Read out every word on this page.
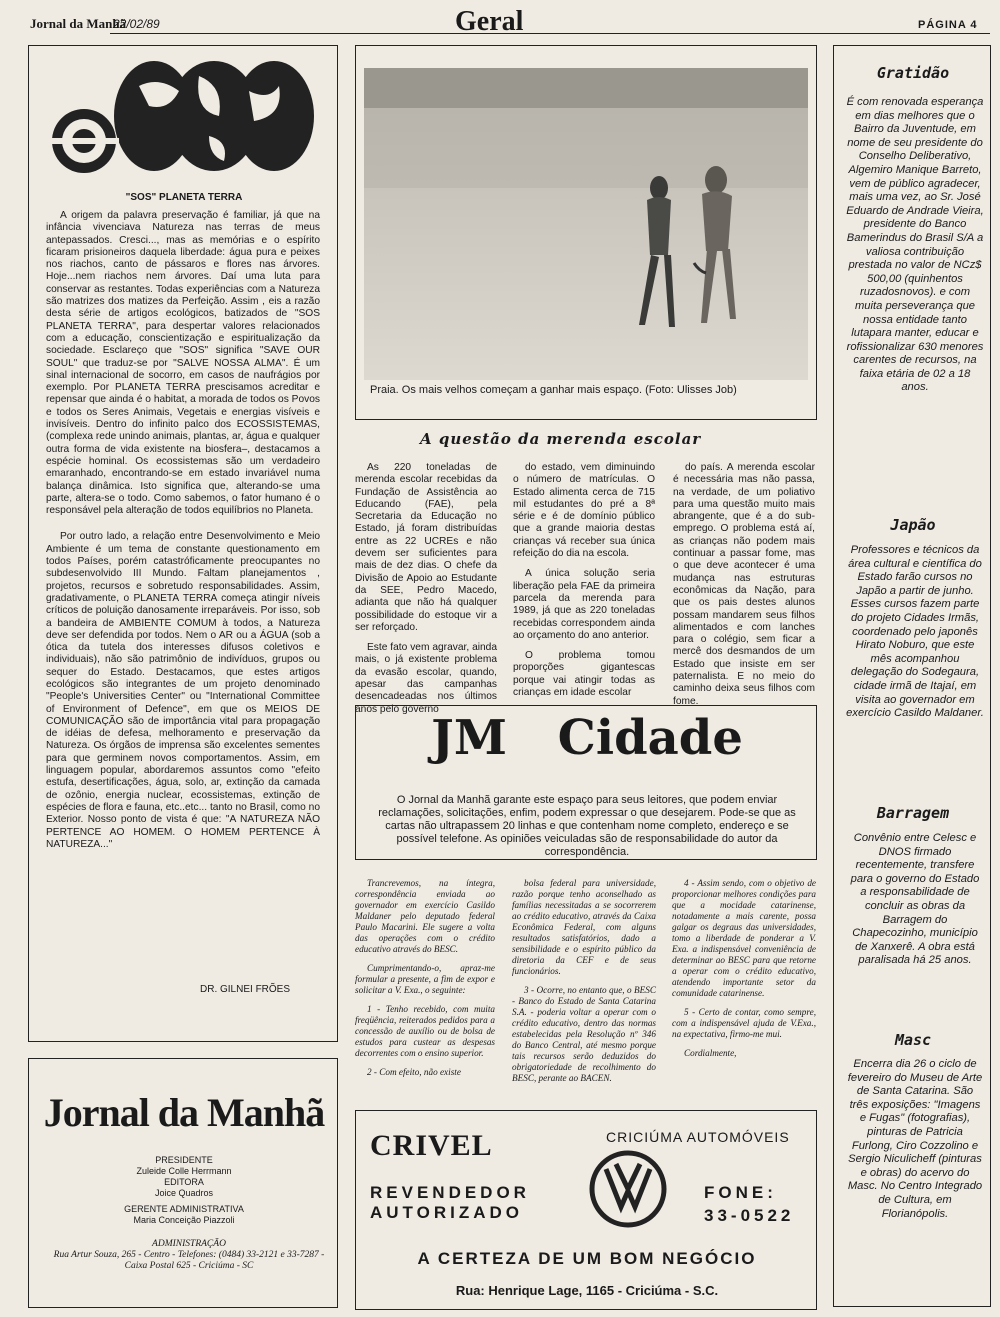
Jornal da Manhã
22/02/89	Geral	PÁGINA 4
"SOS" PLANETA TERRA

A origem da palavra preservação é familiar, já que na infância vivenciava Natureza nas terras de meus antepassados. Cresci..., mas as memórias e o espírito ficaram prisioneiros daquela liberdade: água pura e peixes nos riachos, canto de pássaros e flores nas árvores. Hoje...nem riachos nem árvores. Daí uma luta para conservar as restantes. Todas experiências com a Natureza são matrizes dos matizes da Perfeição. Assim , eis a razão desta série de artigos ecológicos, batizados de "SOS PLANETA TERRA", para despertar valores relacionados com a educação, conscientização e espiritualização da sociedade. Esclareço que "SOS" significa "SAVE OUR SOUL" que traduz-se por "SALVE NOSSA ALMA". É um sinal internacional de socorro, em casos de naufrágios por exemplo. Por PLANETA TERRA prescisamos acreditar e repensar que ainda é o habitat, a morada de todos os Povos e todos os Seres Animais, Vegetais e energias visíveis e invisíveis. Dentro do infinito palco dos ECOSSISTEMAS, (complexa rede unindo animais, plantas, ar, água e qualquer outra forma de vida existente na biosfera–, destacamos a espécie hominal. Os ecossistemas são um verdadeiro emaranhado, encontrando-se em estado invariável numa balança dinâmica. Isto significa que, alterando-se uma parte, altera-se o todo. Como sabemos, o fator humano é o responsável pela alteração de todos equilíbrios no Planeta.

Por outro lado, a relação entre Desenvolvimento e Meio Ambiente é um tema de constante questionamento em todos Países, porém catastróficamente preocupantes no subdesenvolvido III Mundo. Faltam planejamentos , projetos, recursos e sobretudo responsabilidades. Assim, gradativamente, o PLANETA TERRA começa atingir níveis críticos de poluição danosamente irreparáveis. Por isso, sob a bandeira de AMBIENTE COMUM à todos, a Natureza deve ser defendida por todos. Nem o AR ou a ÁGUA (sob a ótica da tutela dos interesses difusos coletivos e individuais), não são patrimônio de indivíduos, grupos ou sequer do Estado. Destacamos, que estes artigos ecológicos são integrantes de um projeto denominado "People's Universities Center" ou "International Committee of Environment of Defence", em que os MEIOS DE COMUNICAÇÃO são de importância vital para propagação de idéias de defesa, melhoramento e preservação da Natureza. Os órgãos de imprensa são excelentes sementes para que germinem novos comportamentos. Assim, em linguagem popular, abordaremos assuntos como "efeito estufa, desertificações, água, solo, ar, extinção da camada de ozônio, energia nuclear, ecossistemas, extinção de espécies de flora e fauna, etc..etc... tanto no Brasil, como no Exterior. Nosso ponto de vista é que: "A NATUREZA NÃO PERTENCE AO HOMEM. O HOMEM PERTENCE À NATUREZA..."

DR. GILNEI FRÕES
Praia. Os mais velhos começam a ganhar mais espaço. (Foto: Ulisses Job)
A questão da merenda escolar

As 220 toneladas de merenda escolar recebidas da Fundação de Assistência ao Educando (FAE), pela Secretaria da Educação no Estado, já foram distribuídas entre as 22 UCREs e não devem ser suficientes para mais de dez dias. O chefe da Divisão de Apoio ao Estudante da SEE, Pedro Macedo, adianta que não há qualquer possibilidade do estoque vir a ser reforçado.

Este fato vem agravar, ainda mais, o já existente problema da evasão escolar, quando, apesar das campanhas desencadeadas nos últimos anos pelo governo

do estado, vem diminuindo o número de matrículas. O Estado alimenta cerca de 715 mil estudantes do pré a 8ª série e é de domínio público que a grande maioria destas crianças vá receber sua única refeição do dia na escola.

A única solução seria liberação pela FAE da primeira parcela da merenda para 1989, já que as 220 toneladas recebidas correspondem ainda ao orçamento do ano anterior.

O problema tomou proporções gigantescas porque vai atingir todas as crianças em idade escolar

do país. A merenda escolar é necessária mas não passa, na verdade, de um poliativo para uma questão muito mais abrangente, que é a do sub-emprego. O problema está aí, as crianças não podem mais continuar a passar fome, mas o que deve acontecer é uma mudança nas estruturas econômicas da Nação, para que os pais destes alunos possam mandarem seus filhos alimentados e com lanches para o colégio, sem ficar a mercê dos desmandos de um Estado que insiste em ser paternalista. E no meio do caminho deixa seus filhos com fome.

JM Cidade
O Jornal da Manhã garante este espaço para seus leitores, que podem enviar reclamações, solicitações, enfim, podem expressar o que desejarem. Pode-se que as cartas não ultrapassem 20 linhas e que contenham nome completo, endereço e se possível telefone. As opiniões veiculadas são de responsabilidade do autor da correspondência.

Trancrevemos, na íntegra, correspondência enviada ao governador em exercício Casildo Maldaner pelo deputado federal Paulo Macarini. Ele sugere a volta das operações com o crédito educativo através do BESC.

Cumprimentando-o, apraz-me formular a presente, a fim de expor e solicitar a V. Exa., o seguinte:

1 - Tenho recebido, com muita freqüência, reiterados pedidos para a concessão de auxílio ou de bolsa de estudos para custear as despesas decorrentes com o ensino superior.

2 - Com efeito, não existe

bolsa federal para universidade, razão porque tenho aconselhado as famílias necessitadas a se socorrerem ao crédito educativo, através da Caixa Econômica Federal, com alguns resultados satisfatórios, dado a sensibilidade e o espírito público da diretoria da CEF e de seus funcionários.

3 - Ocorre, no entanto que, o BESC - Banco do Estado de Santa Catarina S.A. - poderia voltar a operar com o crédito educativo, dentro das normas estabelecidas pela Resolução nº 346 do Banco Central, até mesmo porque tais recursos serão deduzidos do obrigatoriedade de recolhimento do BESC, perante ao BACEN.

4 - Assim sendo, com o objetivo de proporcionar melhores condições para que a mocidade catarinense, notadamente a mais carente, possa galgar os degraus das universidades, tomo a liberdade de ponderar a V. Exa. a indispensável conveniência de determinar ao BESC para que retorne a operar com o crédito educativo, atendendo importante setor da comunidade catarinense.

5 - Certo de contar, como sempre, com a indispensável ajuda de V.Exa., na expectativa, firmo-me mui.

Cordialmente,

Jornal da Manhã
PRESIDENTE
Zuleide Colle Herrmann
EDITORA
Joice Quadros
GERENTE ADMINISTRATIVA
Maria Conceição Piazzoli
ADMINISTRAÇÃO
Rua Artur Souza, 265 - Centro - Telefones: (0484) 33-2121 e 33-7287 - Caixa Postal 625 - Criciúma - SC
CRIVEL	CRICIÚMA AUTOMÓVEIS
REVENDEDOR
AUTORIZADO
FONE:
33-0522
A CERTEZA DE UM BOM NEGÓCIO
Rua: Henrique Lage, 1165 - Criciúma - S.C.
Gratidão
É com renovada esperança em dias melhores que o Bairro da Juventude, em nome de seu presidente do Conselho Deliberativo, Algemiro Manique Barreto, vem de público agradecer, mais uma vez, ao Sr. José Eduardo de Andrade Vieira, presidente do Banco Bamerindus do Brasil S/A a valiosa contribuição prestada no valor de NCz$ 500,00 (quinhentos ruzadosnovos). e com muita perseverança que nossa entidade tanto lutapara manter, educar e rofissionalizar 630 menores carentes de recursos, na faixa etária de 02 a 18 anos.
Japão
Professores e técnicos da área cultural e científica do Estado farão cursos no Japão a partir de junho. Esses cursos fazem parte do projeto Cidades Irmãs, coordenado pelo japonês Hirato Noburo, que este mês acompanhou delegação do Sodegaura, cidade irmã de Itajaí, em visita ao governador em exercício Casildo Maldaner.
Barragem
Convênio entre Celesc e DNOS firmado recentemente, transfere para o governo do Estado a responsabilidade de concluir as obras da Barragem do Chapecozinho, município de Xanxerê. A obra está paralisada há 25 anos.
Masc
Encerra dia 26 o ciclo de fevereiro do Museu de Arte de Santa Catarina. São três exposições: "Imagens e Fugas" (fotografias), pinturas de Patricia Furlong, Ciro Cozzolino e Sergio Niculicheff (pinturas e obras) do acervo do Masc. No Centro Integrado de Cultura, em Florianópolis.
